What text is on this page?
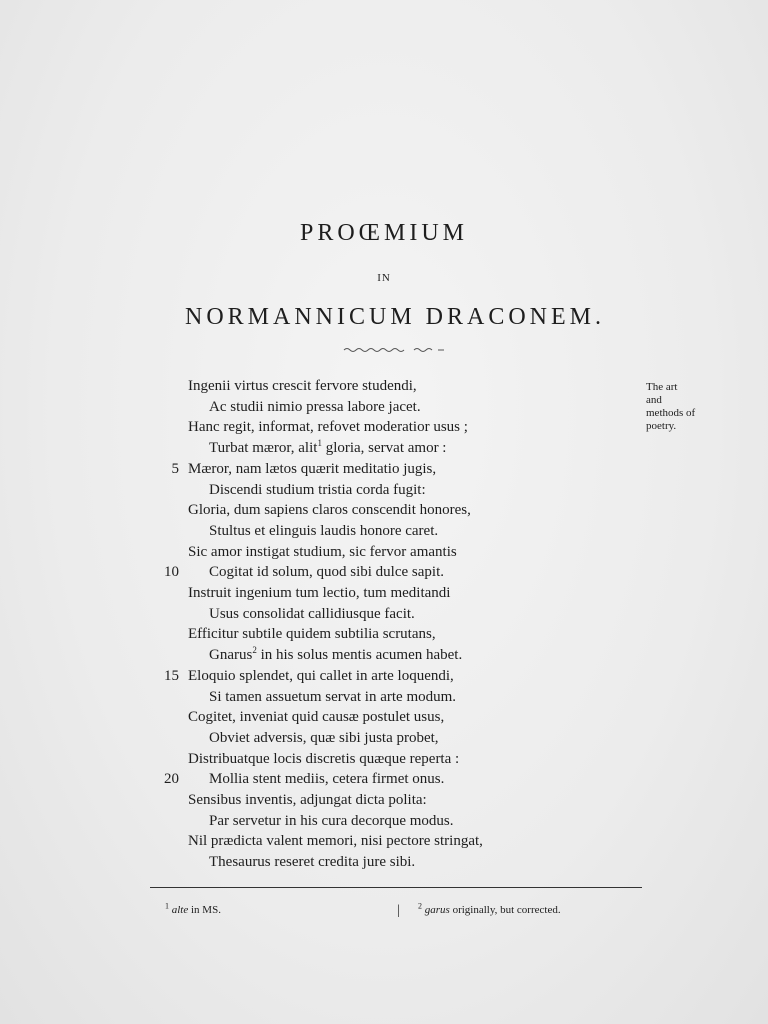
PROŒMIUM
IN
NORMANNICUM DRACONEM.
Ingenii virtus crescit fervore studendi,
Ac studii nimio pressa labore jacet.
Hanc regit, informat, refovet moderatior usus ;
Turbat mæror, alit$^1$ gloria, servat amor :
Mæror, nam lætos quærit meditatio jugis,
5
Discendi studium tristia corda fugit:
Gloria, dum sapiens claros conscendit honores,
Stultus et elinguis laudis honore caret.
Sic amor instigat studium, sic fervor amantis
Cogitat id solum, quod sibi dulce sapit.
10
Instruit ingenium tum lectio, tum meditandi
Usus consolidat callidiusque facit.
Efficitur subtile quidem subtilia scrutans,
Gnarus$^2$ in his solus mentis acumen habet.
Eloquio splendet, qui callet in arte loquendi,
15
Si tamen assuetum servat in arte modum.
Cogitet, inveniat quid causæ postulet usus,
Obviet adversis, quæ sibi justa probet,
Distribuatque locis discretis quæque reperta :
Mollia stent mediis, cetera firmet onus.
20
Sensibus inventis, adjungat dicta polita:
Par servetur in his cura decorque modus.
Nil prædicta valent memori, nisi pectore stringat,
Thesaurus reseret credita jure sibi.
The art
and
methods of
poetry.
$^1$ alte in MS.	| $^2$ garus originally, but corrected.
